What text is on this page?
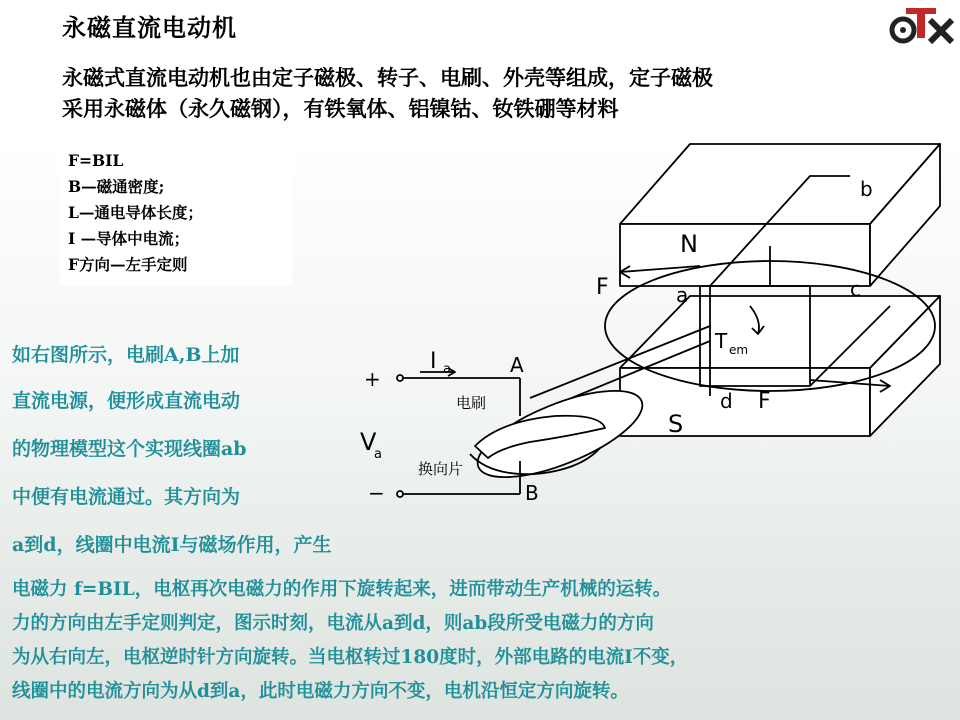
永磁直流电动机
永磁式直流电动机也由定子磁极、转子、电刷、外壳等组成，定子磁极
采用永磁体（永久磁钢），有铁氧体、铝镍钴、钕铁硼等材料
F=BIL
B—磁通密度;
L—通电导体长度；
I —导体中电流；
F方向—左手定则
N
S
F
F
a
b
c
d
T em
I a	A
B
V
a
+
−
电刷
换向片
如右图所示，电刷A,B上加
直流电源，便形成直流电动
的物理模型这个实现线圈ab
中便有电流通过。其方向为
a到d，线圈中电流I与磁场作用，产生
电磁力 f=BIL，电枢再次电磁力的作用下旋转起来，进而带动生产机械的运转。
力的方向由左手定则判定，图示时刻，电流从a到d，则ab段所受电磁力的方向
为从右向左，电枢逆时针方向旋转。当电枢转过180度时，外部电路的电流I不变，
线圈中的电流方向为从d到a，此时电磁力方向不变，电机沿恒定方向旋转。
